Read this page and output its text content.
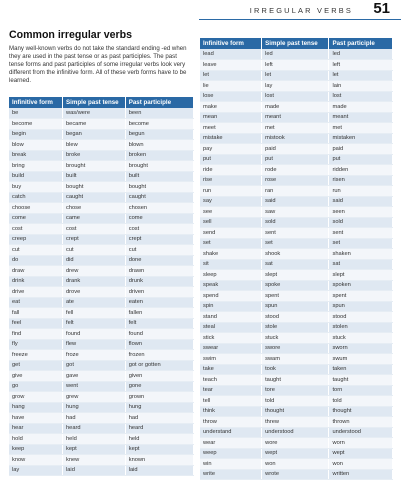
IRREGULAR VERBS 51
Common irregular verbs

Many well-known verbs do not take the standard ending -ed when they are used in the past tense or as past participles. The past tense forms and past participles of some irregular verbs look very different from the infinitive form. All of these verb forms have to be learned.

Infinitive form	Simple past tense	Past participle
be	was/were	been
become	became	become
begin	began	begun
blow	blew	blown
break	broke	broken
bring	brought	brought
build	built	built
buy	bought	bought
catch	caught	caught
choose	chose	chosen
come	came	come
cost	cost	cost
creep	crept	crept
cut	cut	cut
do	did	done
draw	drew	drawn
drink	drank	drunk
drive	drove	driven
eat	ate	eaten
fall	fell	fallen
feel	felt	felt
find	found	found
fly	flew	flown
freeze	froze	frozen
get	got	got or gotten
give	gave	given
go	went	gone
grow	grew	grown
hang	hung	hung
have	had	had
hear	heard	heard
hold	held	held
keep	kept	kept
know	knew	known
lay	laid	laid
Infinitive form	Simple past tense	Past participle
lead	led	led
leave	left	left
let	let	let
lie	lay	lain
lose	lost	lost
make	made	made
mean	meant	meant
meet	met	met
mistake	mistook	mistaken
pay	paid	paid
put	put	put
ride	rode	ridden
rise	rose	risen
run	ran	run
say	said	said
see	saw	seen
sell	sold	sold
send	sent	sent
set	set	set
shake	shook	shaken
sit	sat	sat
sleep	slept	slept
speak	spoke	spoken
spend	spent	spent
spin	spun	spun
stand	stood	stood
steal	stole	stolen
stick	stuck	stuck
swear	swore	sworn
swim	swam	swum
take	took	taken
teach	taught	taught
tear	tore	torn
tell	told	told
think	thought	thought
throw	threw	thrown
understand	understood	understood
wear	wore	worn
weep	wept	wept
win	won	won
write	wrote	written
